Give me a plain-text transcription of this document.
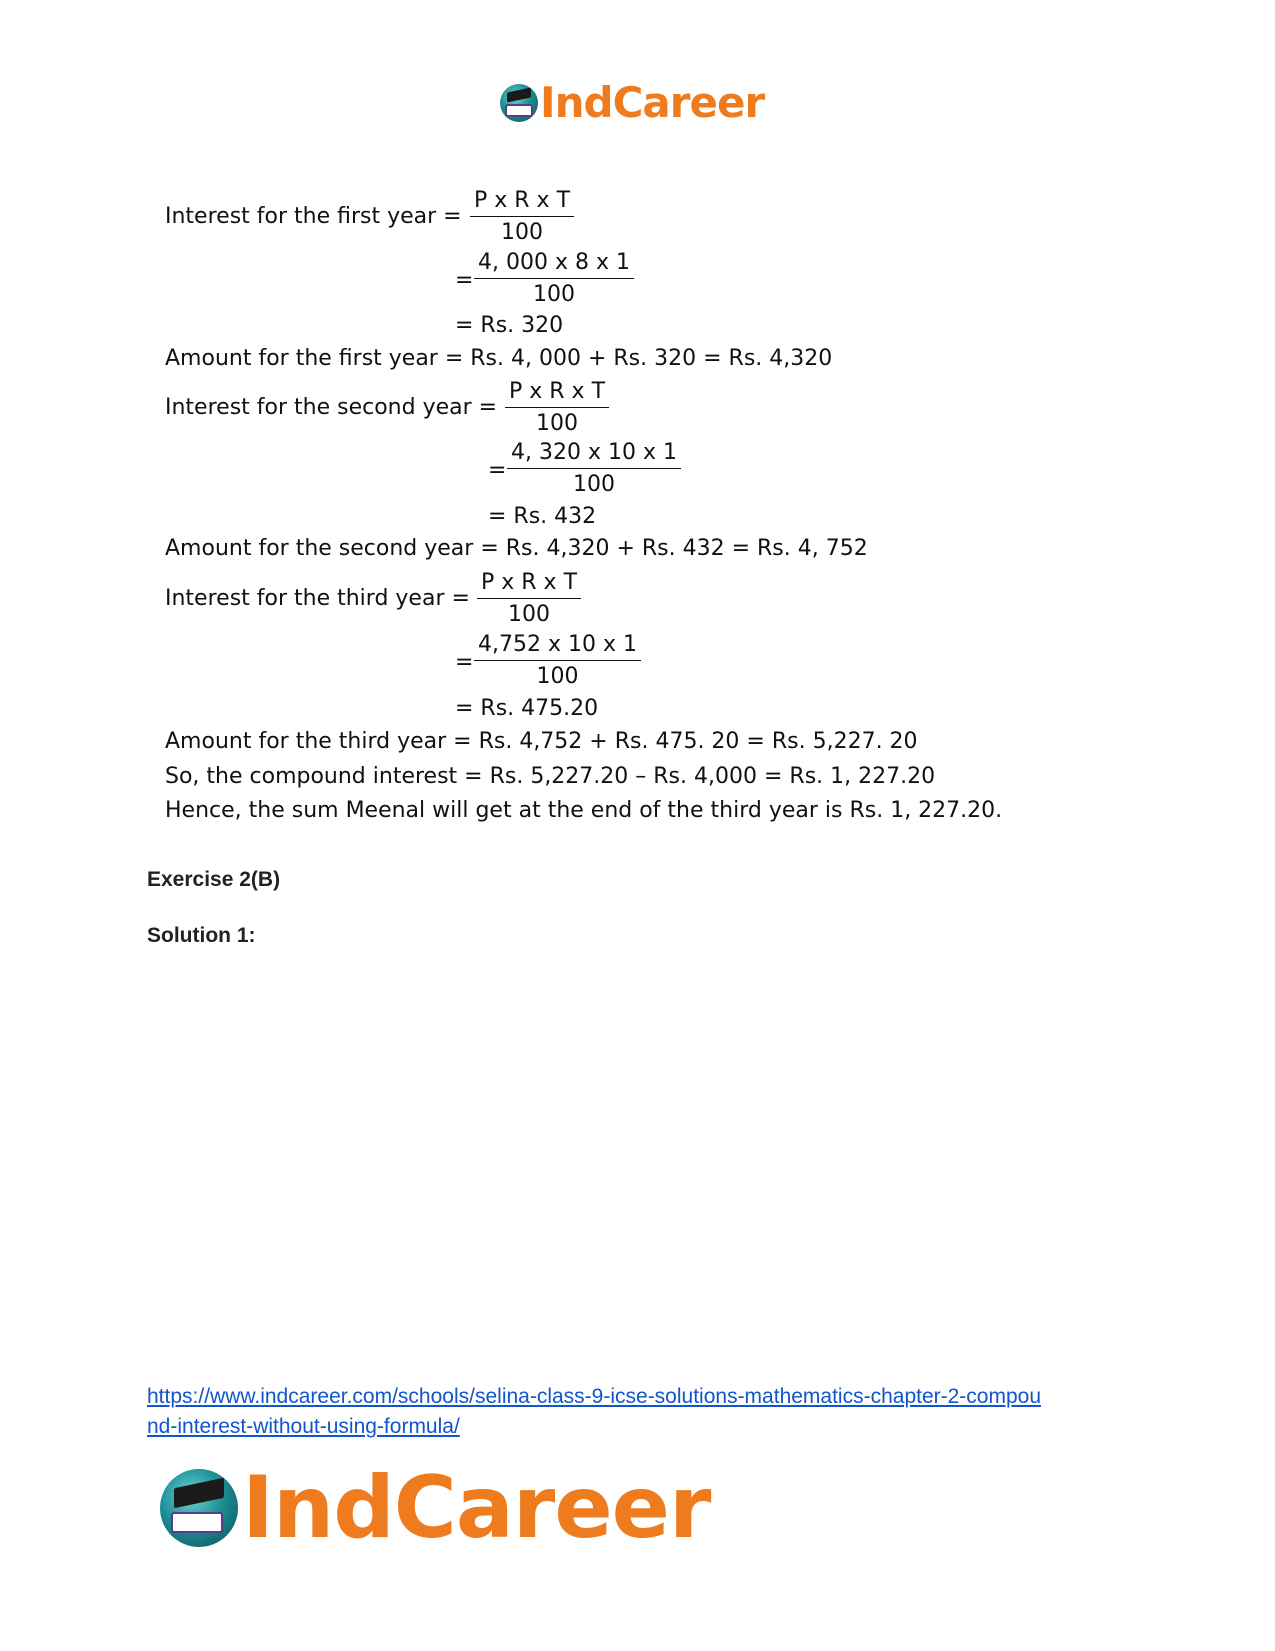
IndCareer
Interest for the first year = $\frac{\text{P x R x T}}{100}$
= $\frac{4, 000 x 8 x 1}{100}$
= Rs. 320
Amount for the first year = Rs. 4, 000 + Rs. 320 = Rs. 4,320
Interest for the second year = $\frac{\text{P x R x T}}{100}$
= $\frac{4, 320 x 10 x 1}{100}$
= Rs. 432
Amount for the second year = Rs. 4,320 + Rs. 432 = Rs. 4, 752
Interest for the third year = $\frac{\text{P x R x T}}{100}$
= $\frac{4,752 x 10 x 1}{100}$
= Rs. 475.20
Amount for the third year = Rs. 4,752 + Rs. 475. 20 = Rs. 5,227. 20
So, the compound interest = Rs. 5,227.20 – Rs. 4,000 = Rs. 1, 227.20
Hence, the sum Meenal will get at the end of the third year is Rs. 1, 227.20.
Exercise 2(B)
Solution 1:
https://www.indcareer.com/schools/selina-class-9-icse-solutions-mathematics-chapter-2-compou
nd-interest-without-using-formula/
IndCareer
